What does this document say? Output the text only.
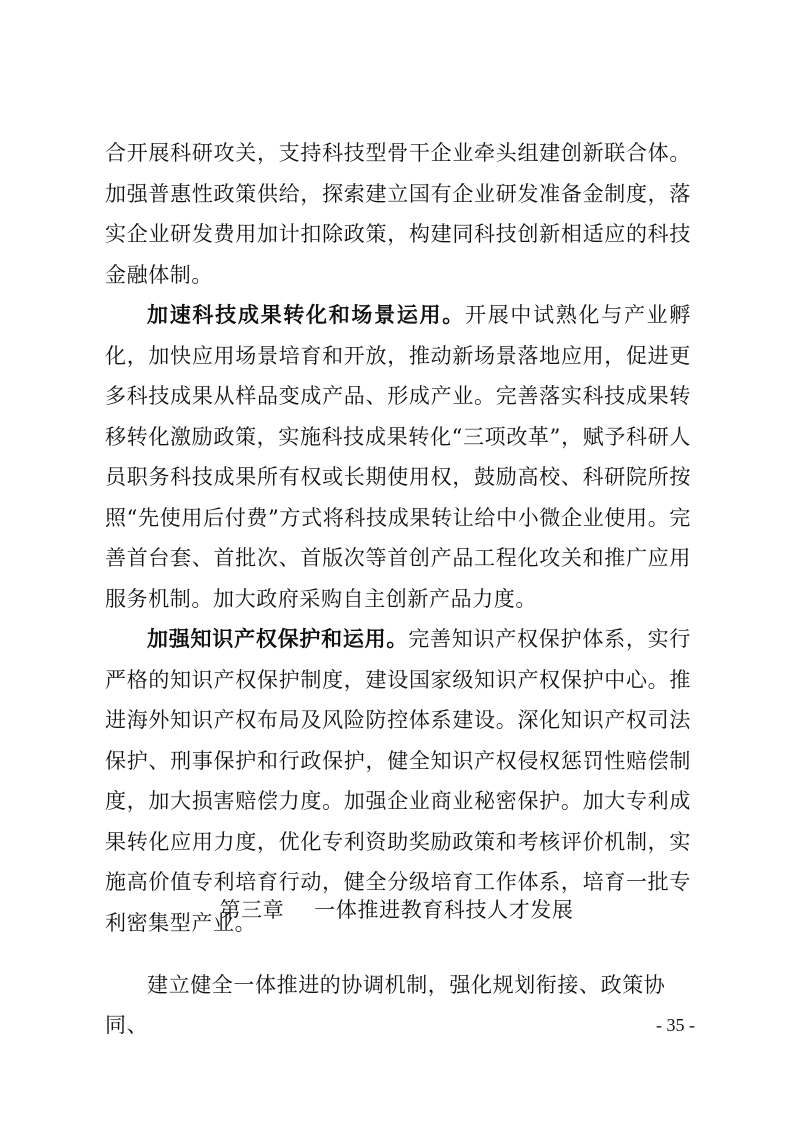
合开展科研攻关，支持科技型骨干企业牵头组建创新联合体。加强普惠性政策供给，探索建立国有企业研发准备金制度，落实企业研发费用加计扣除政策，构建同科技创新相适应的科技金融体制。

加速科技成果转化和场景运用。开展中试熟化与产业孵化，加快应用场景培育和开放，推动新场景落地应用，促进更多科技成果从样品变成产品、形成产业。完善落实科技成果转移转化激励政策，实施科技成果转化“三项改革”，赋予科研人员职务科技成果所有权或长期使用权，鼓励高校、科研院所按照“先使用后付费”方式将科技成果转让给中小微企业使用。完善首台套、首批次、首版次等首创产品工程化攻关和推广应用服务机制。加大政府采购自主创新产品力度。

加强知识产权保护和运用。完善知识产权保护体系，实行严格的知识产权保护制度，建设国家级知识产权保护中心。推进海外知识产权布局及风险防控体系建设。深化知识产权司法保护、刑事保护和行政保护，健全知识产权侵权惩罚性赔偿制度，加大损害赔偿力度。加强企业商业秘密保护。加大专利成果转化应用力度，优化专利资助奖励政策和考核评价机制，实施高价值专利培育行动，健全分级培育工作体系，培育一批专利密集型产业。

第三章 一体推进教育科技人才发展

建立健全一体推进的协调机制，强化规划衔接、政策协同、	- 35 -
